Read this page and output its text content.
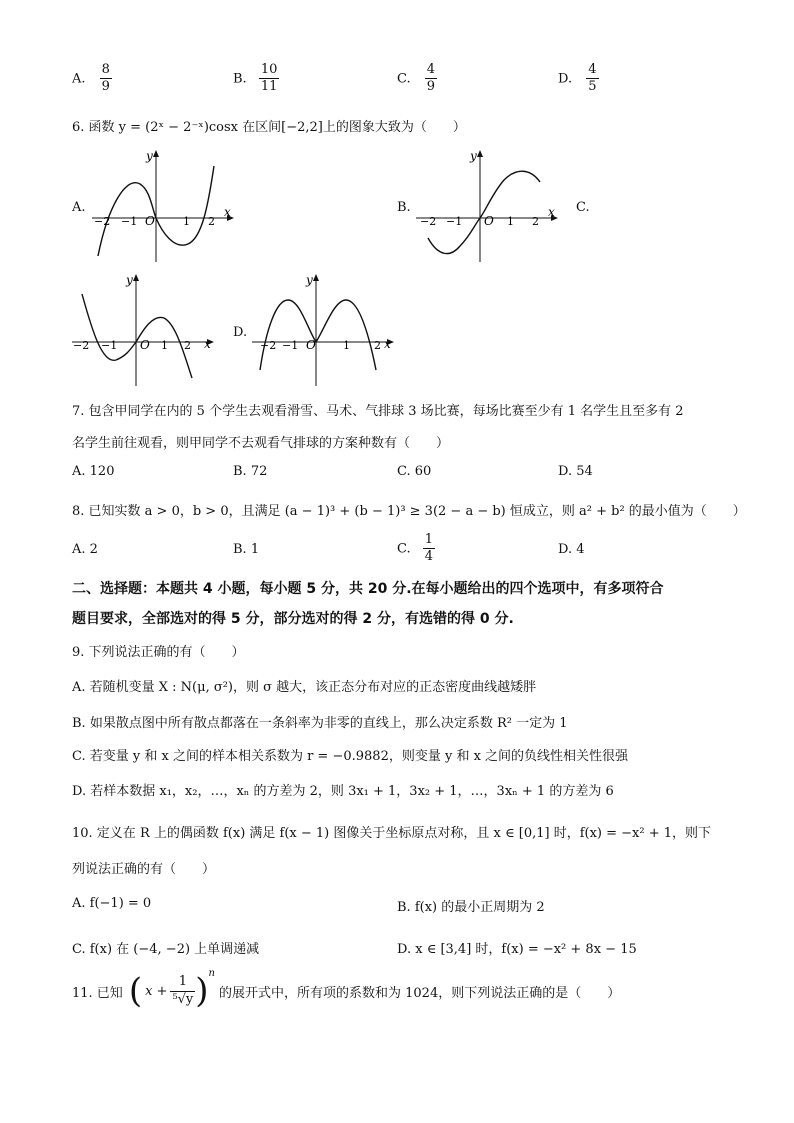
A. $\frac{8}{9}$	B. $\frac{10}{11}$	C. $\frac{4}{9}$	D. $\frac{4}{5}$
6. 函数 y = (2ˣ − 2⁻ˣ)cosx 在区间[−2,2]上的图象大致为（　　）
A.
y
x
O
−2 −1	1 2
B.
y
x
O
−2 −1	1 2
C.
y
x
O
−2 −1	1 2
D.
y
x
O
−2 −1	1 2
7. 包含甲同学在内的 5 个学生去观看滑雪、马术、气排球 3 场比赛，每场比赛至少有 1 名学生且至多有 2
名学生前往观看，则甲同学不去观看气排球的方案种数有（　　）
A. 120	B. 72	C. 60	D. 54
8. 已知实数 a > 0，b > 0，且满足 (a − 1)³ + (b − 1)³ ≥ 3(2 − a − b) 恒成立，则 a² + b² 的最小值为（　　）
A. 2	B. 1	C. $\frac{1}{4}$	D. 4
二、选择题：本题共 4 小题，每小题 5 分，共 20 分.在每小题给出的四个选项中，有多项符合
题目要求，全部选对的得 5 分，部分选对的得 2 分，有选错的得 0 分.
9. 下列说法正确的有（　　）
A. 若随机变量 X : N(μ, σ²)，则 σ 越大，该正态分布对应的正态密度曲线越矮胖
B. 如果散点图中所有散点都落在一条斜率为非零的直线上，那么决定系数 R² 一定为 1
C. 若变量 y 和 x 之间的样本相关系数为 r = −0.9882，则变量 y 和 x 之间的负线性相关性很强
D. 若样本数据 x₁，x₂，…，xₙ 的方差为 2，则 3x₁ + 1，3x₂ + 1，…，3xₙ + 1 的方差为 6
10. 定义在 R 上的偶函数 f(x) 满足 f(x − 1) 图像关于坐标原点对称，且 x ∈ [0,1] 时，f(x) = −x² + 1，则下
列说法正确的有（　　）
A. f(−1) = 0	B. f(x) 的最小正周期为 2
C. f(x) 在 (−4, −2) 上单调递减	D. x ∈ [3,4] 时，f(x) = −x² + 8x − 15
11. 已知 ( $x + \frac{1}{\text{⁵√y}}$ ) n
的展开式中，所有项的系数和为 1024，则下列说法正确的是（　　）
